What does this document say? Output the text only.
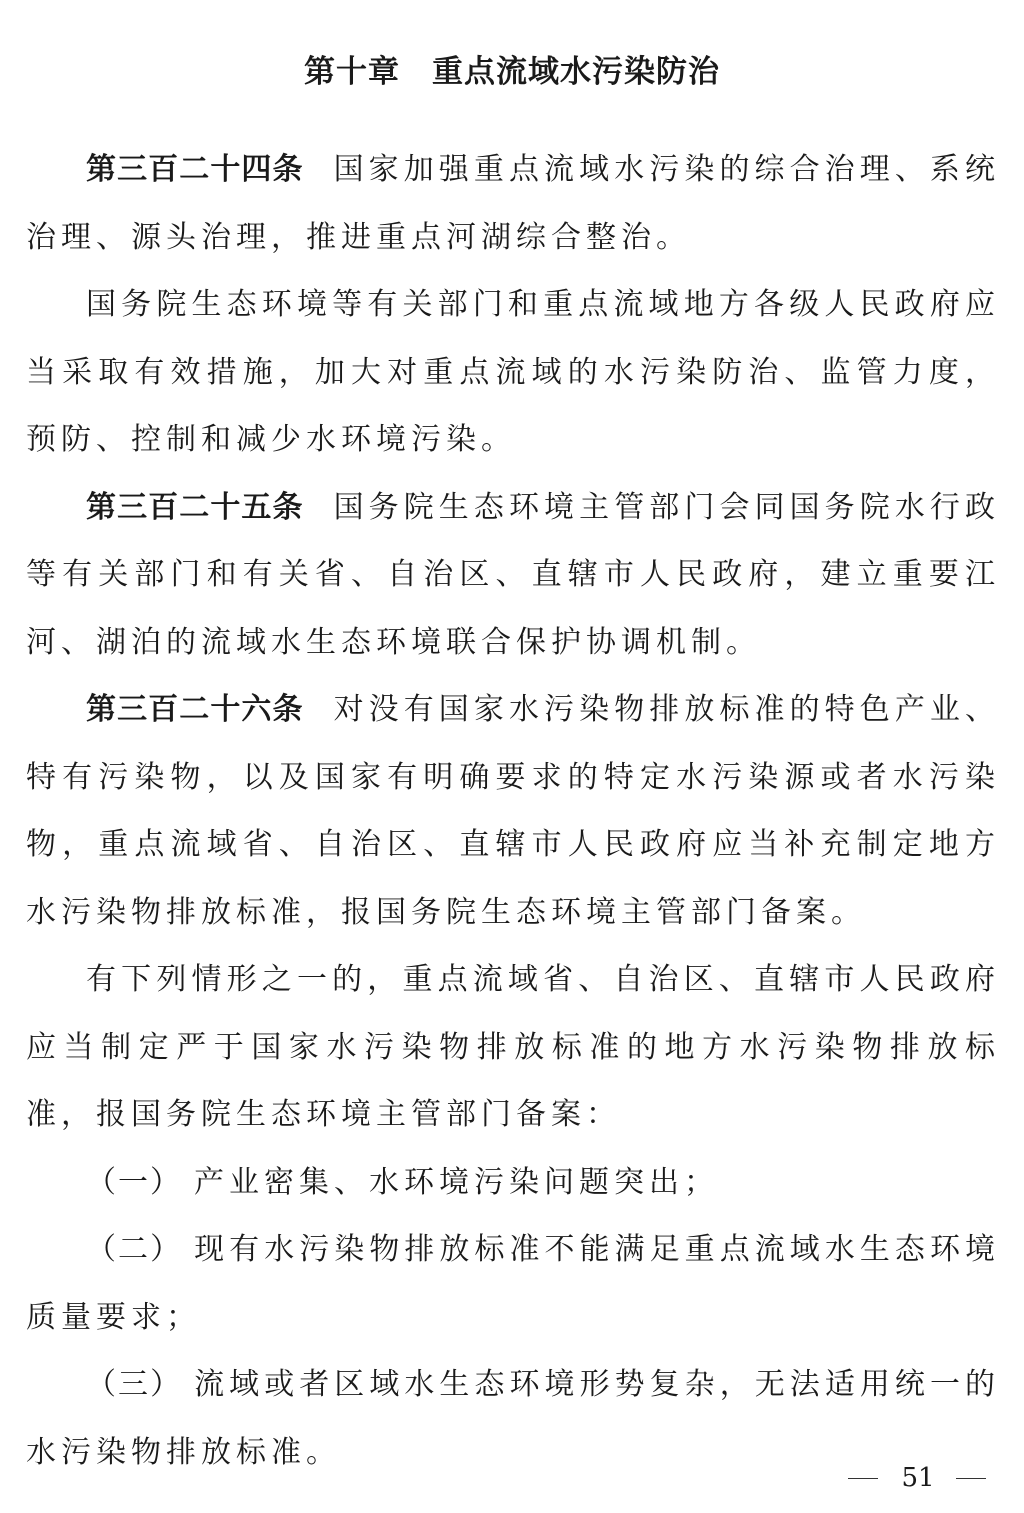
第十章　重点流域水污染防治

第三百二十四条 国家加强重点流域水污染的综合治理、系统治理、源头治理，推进重点河湖综合整治。

国务院生态环境等有关部门和重点流域地方各级人民政府应当采取有效措施，加大对重点流域的水污染防治、监管力度，预防、控制和减少水环境污染。

第三百二十五条 国务院生态环境主管部门会同国务院水行政等有关部门和有关省、自治区、直辖市人民政府，建立重要江河、湖泊的流域水生态环境联合保护协调机制。

第三百二十六条 对没有国家水污染物排放标准的特色产业、特有污染物，以及国家有明确要求的特定水污染源或者水污染物，重点流域省、自治区、直辖市人民政府应当补充制定地方水污染物排放标准，报国务院生态环境主管部门备案。

有下列情形之一的，重点流域省、自治区、直辖市人民政府应当制定严于国家水污染物排放标准的地方水污染物排放标准，报国务院生态环境主管部门备案：

（一） 产业密集、水环境污染问题突出；

（二） 现有水污染物排放标准不能满足重点流域水生态环境质量要求；

（三） 流域或者区域水生态环境形势复杂，无法适用统一的水污染物排放标准。

51
